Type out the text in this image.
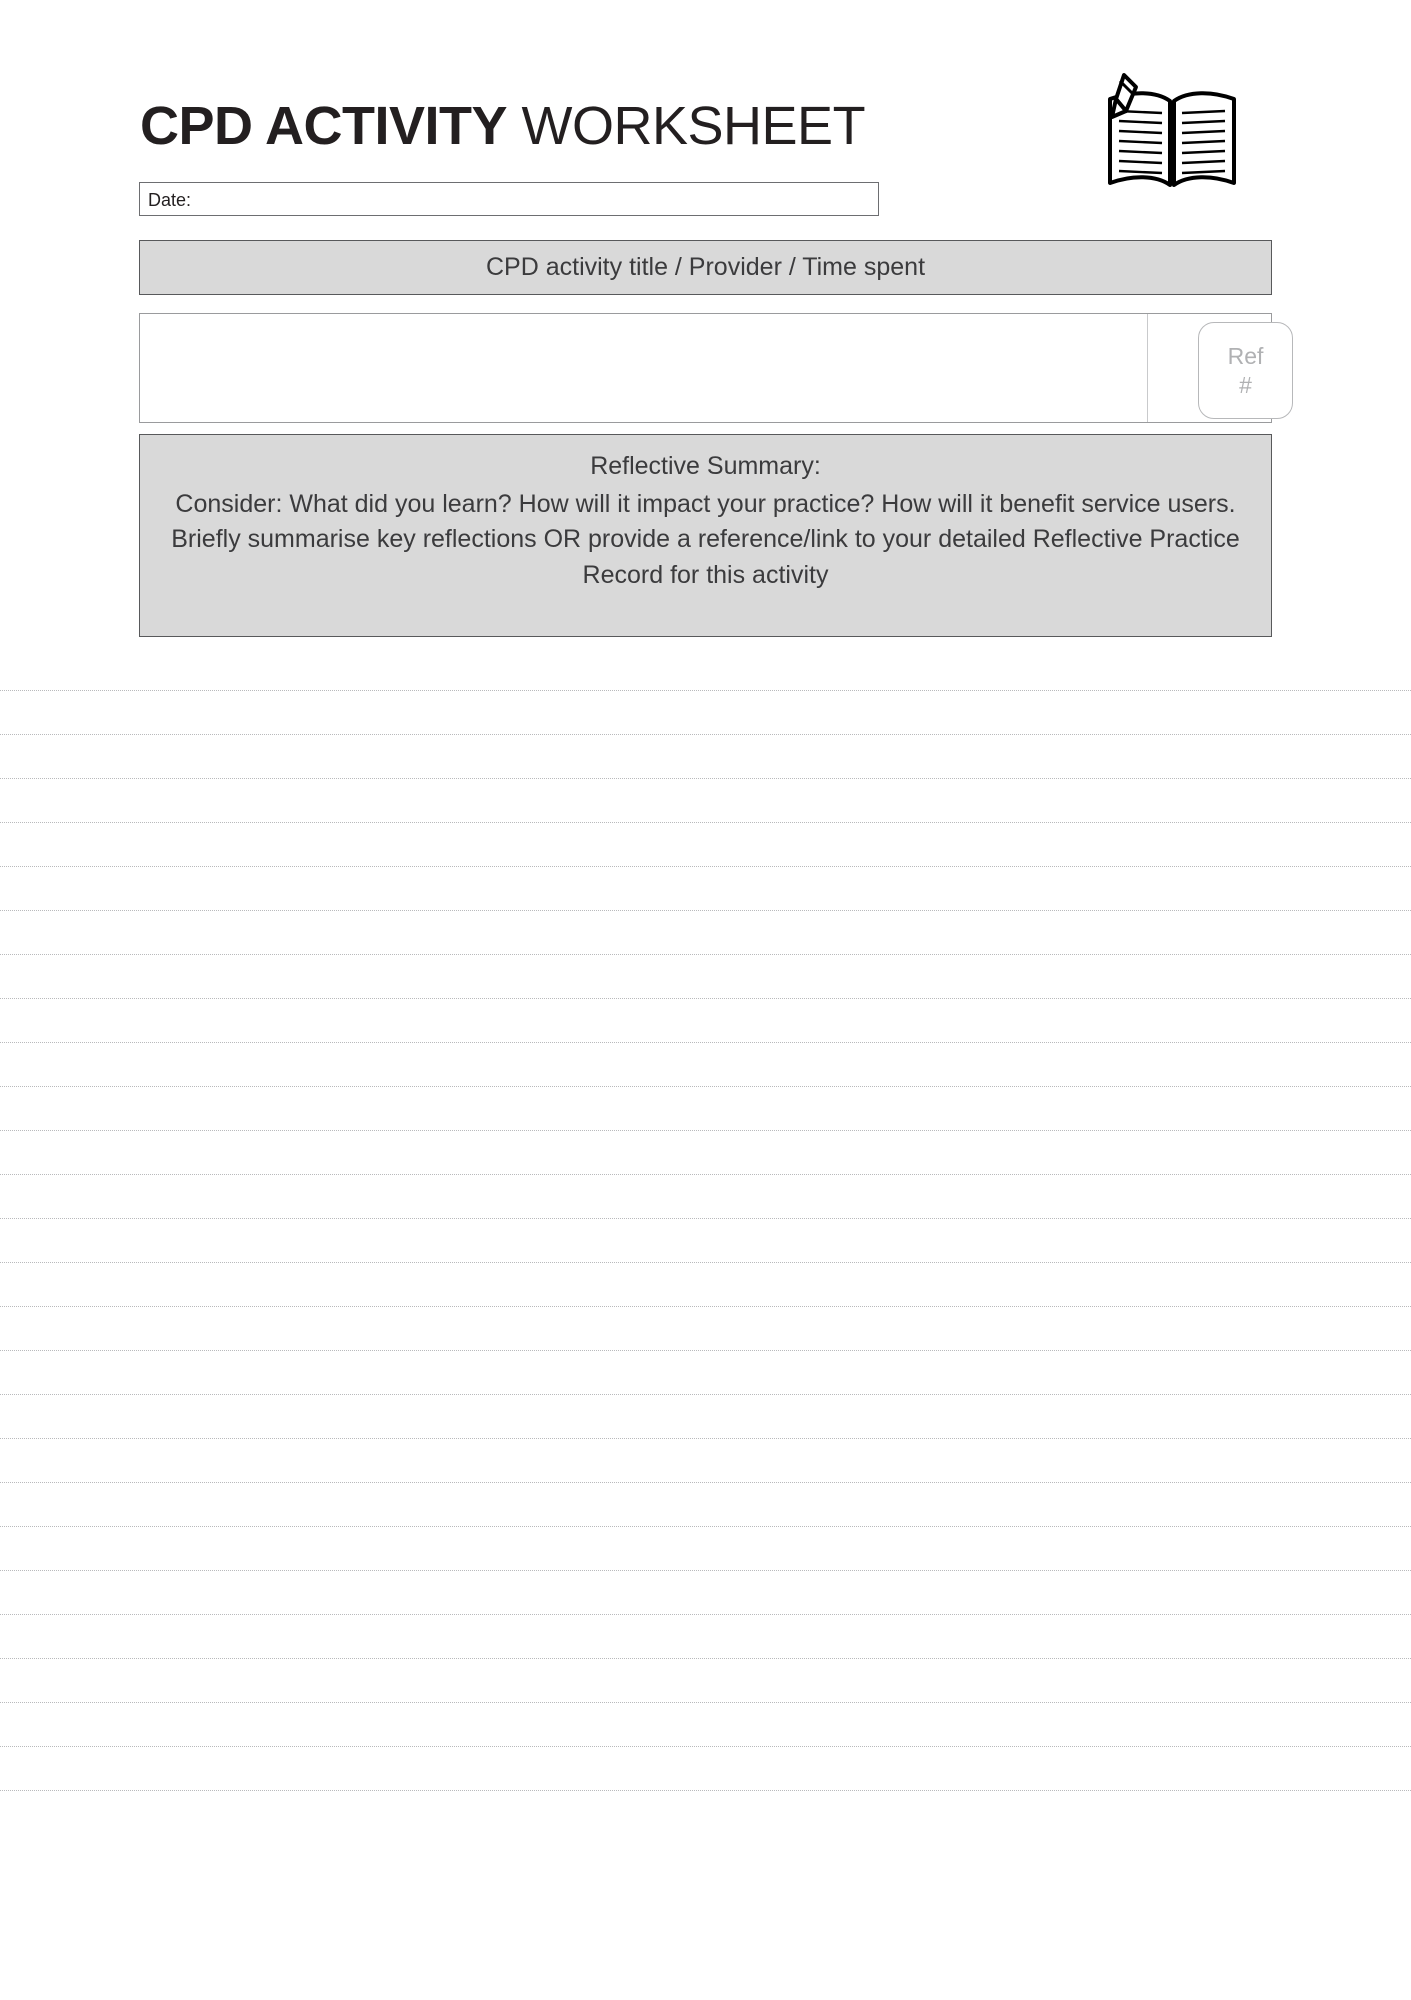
CPD ACTIVITY WORKSHEET
Date:
CPD activity title / Provider / Time spent
Ref
#
Reflective Summary:
Consider: What did you learn? How will it impact your practice? How will it benefit service users. Briefly summarise key reflections OR provide a reference/link to your detailed Reflective Practice Record for this activity
